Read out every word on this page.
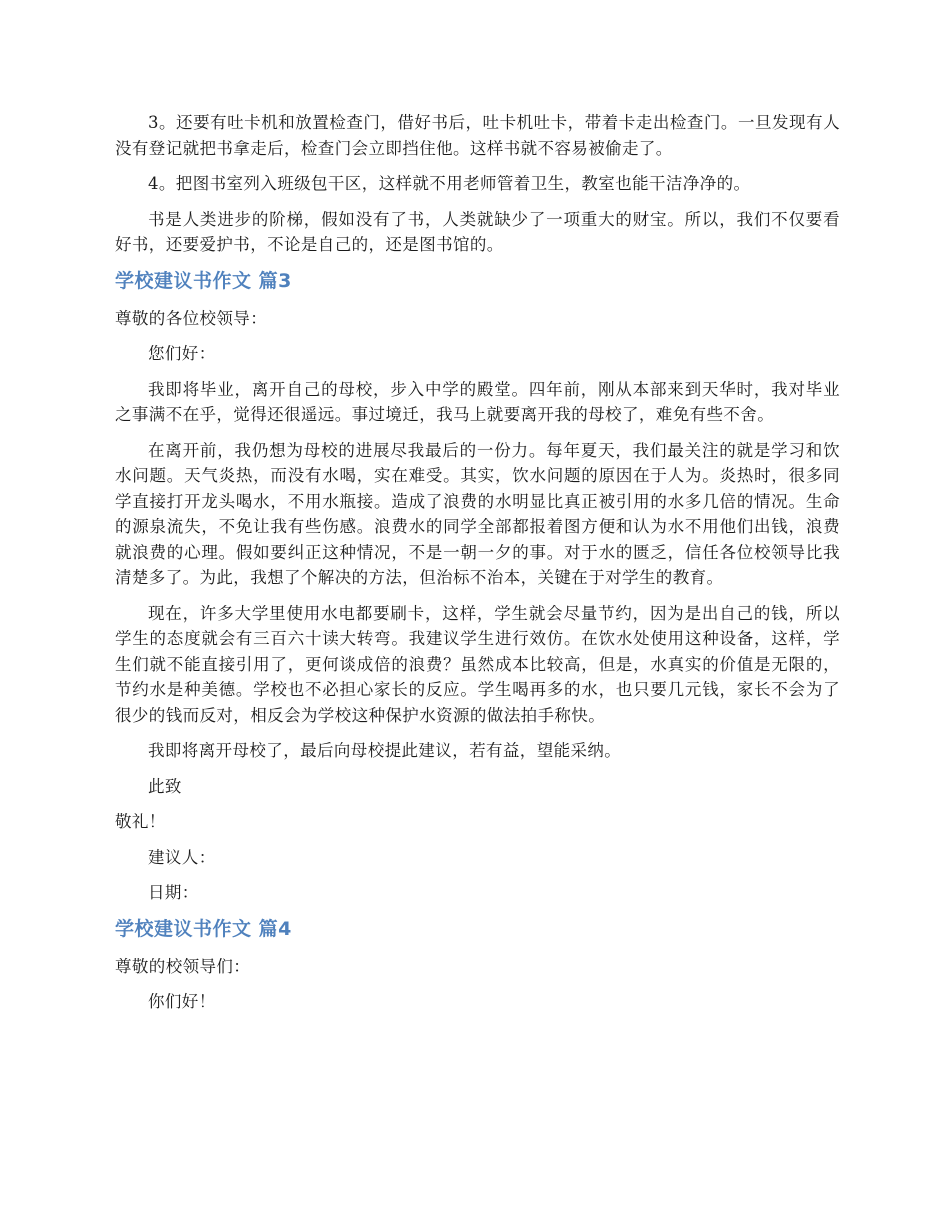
3。还要有吐卡机和放置检查门，借好书后，吐卡机吐卡，带着卡走出检查门。一旦发现有人没有登记就把书拿走后，检查门会立即挡住他。这样书就不容易被偷走了。

4。把图书室列入班级包干区，这样就不用老师管着卫生，教室也能干洁净净的。

书是人类进步的阶梯，假如没有了书，人类就缺少了一项重大的财宝。所以，我们不仅要看好书，还要爱护书，不论是自己的，还是图书馆的。

学校建议书作文 篇3

尊敬的各位校领导：

您们好：

我即将毕业，离开自己的母校，步入中学的殿堂。四年前，刚从本部来到天华时，我对毕业之事满不在乎，觉得还很遥远。事过境迁，我马上就要离开我的母校了，难免有些不舍。

在离开前，我仍想为母校的进展尽我最后的一份力。每年夏天，我们最关注的就是学习和饮水问题。天气炎热，而没有水喝，实在难受。其实，饮水问题的原因在于人为。炎热时，很多同学直接打开龙头喝水，不用水瓶接。造成了浪费的水明显比真正被引用的水多几倍的情况。生命的源泉流失，不免让我有些伤感。浪费水的同学全部都报着图方便和认为水不用他们出钱，浪费就浪费的心理。假如要纠正这种情况，不是一朝一夕的事。对于水的匮乏，信任各位校领导比我清楚多了。为此，我想了个解决的方法，但治标不治本，关键在于对学生的教育。

现在，许多大学里使用水电都要刷卡，这样，学生就会尽量节约，因为是出自己的钱，所以学生的态度就会有三百六十读大转弯。我建议学生进行效仿。在饮水处使用这种设备，这样，学生们就不能直接引用了，更何谈成倍的浪费？虽然成本比较高，但是，水真实的价值是无限的，节约水是种美德。学校也不必担心家长的反应。学生喝再多的水，也只要几元钱，家长不会为了很少的钱而反对，相反会为学校这种保护水资源的做法拍手称快。

我即将离开母校了，最后向母校提此建议，若有益，望能采纳。

此致

敬礼！

建议人：

日期：

学校建议书作文 篇4

尊敬的校领导们：

你们好！
